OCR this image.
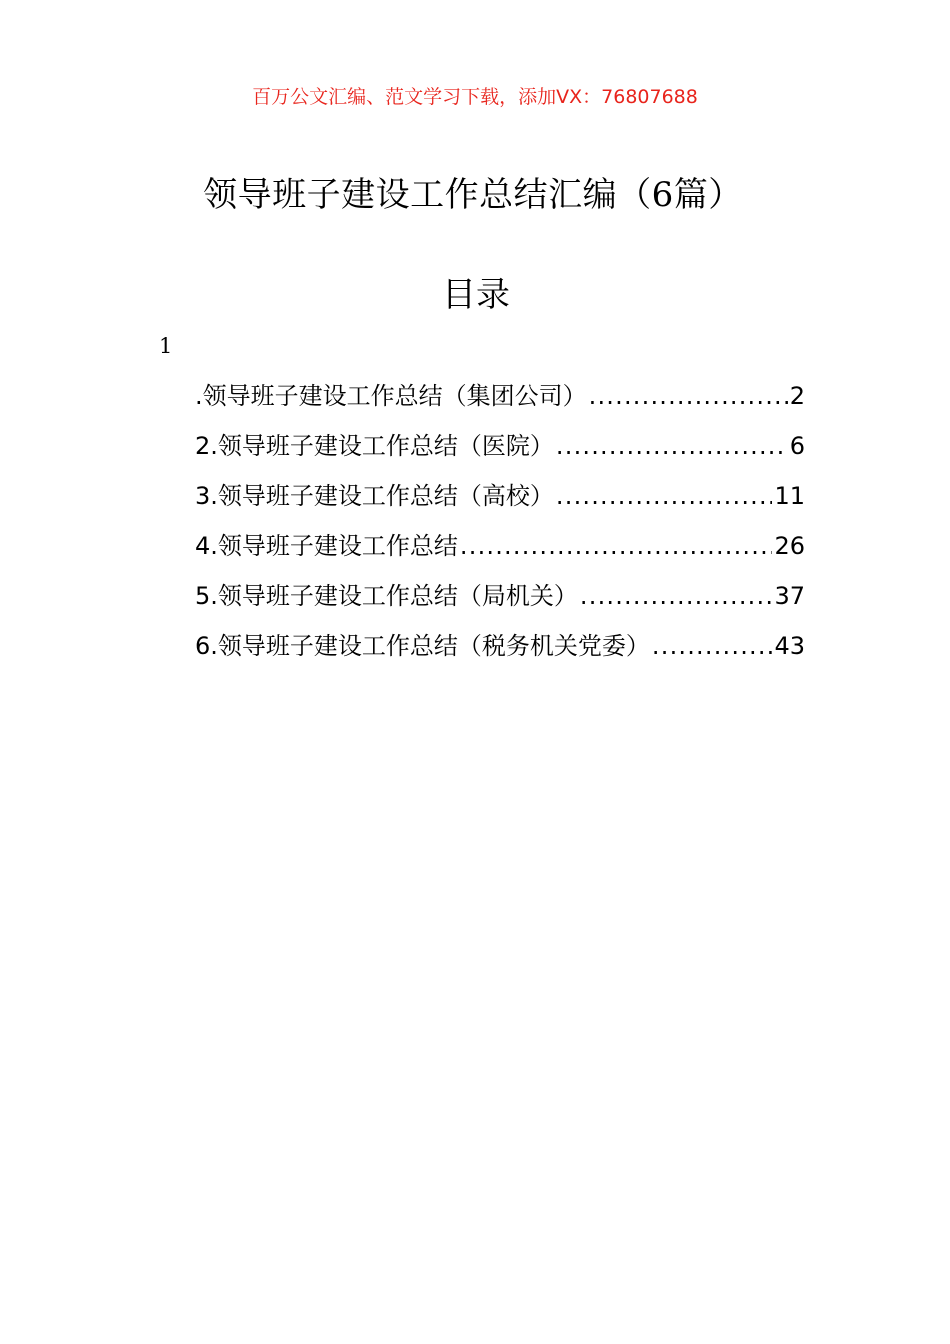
百万公文汇编、范文学习下载，添加VX：76807688
领导班子建设工作总结汇编（6篇）
目录
1
.领导班子建设工作总结（集团公司） .....	2
2.领导班子建设工作总结（医院） .....	6
3.领导班子建设工作总结（高校） .....	11
4.领导班子建设工作总结 .....	26
5.领导班子建设工作总结（局机关） .....	37
6.领导班子建设工作总结（税务机关党委） .....	43
